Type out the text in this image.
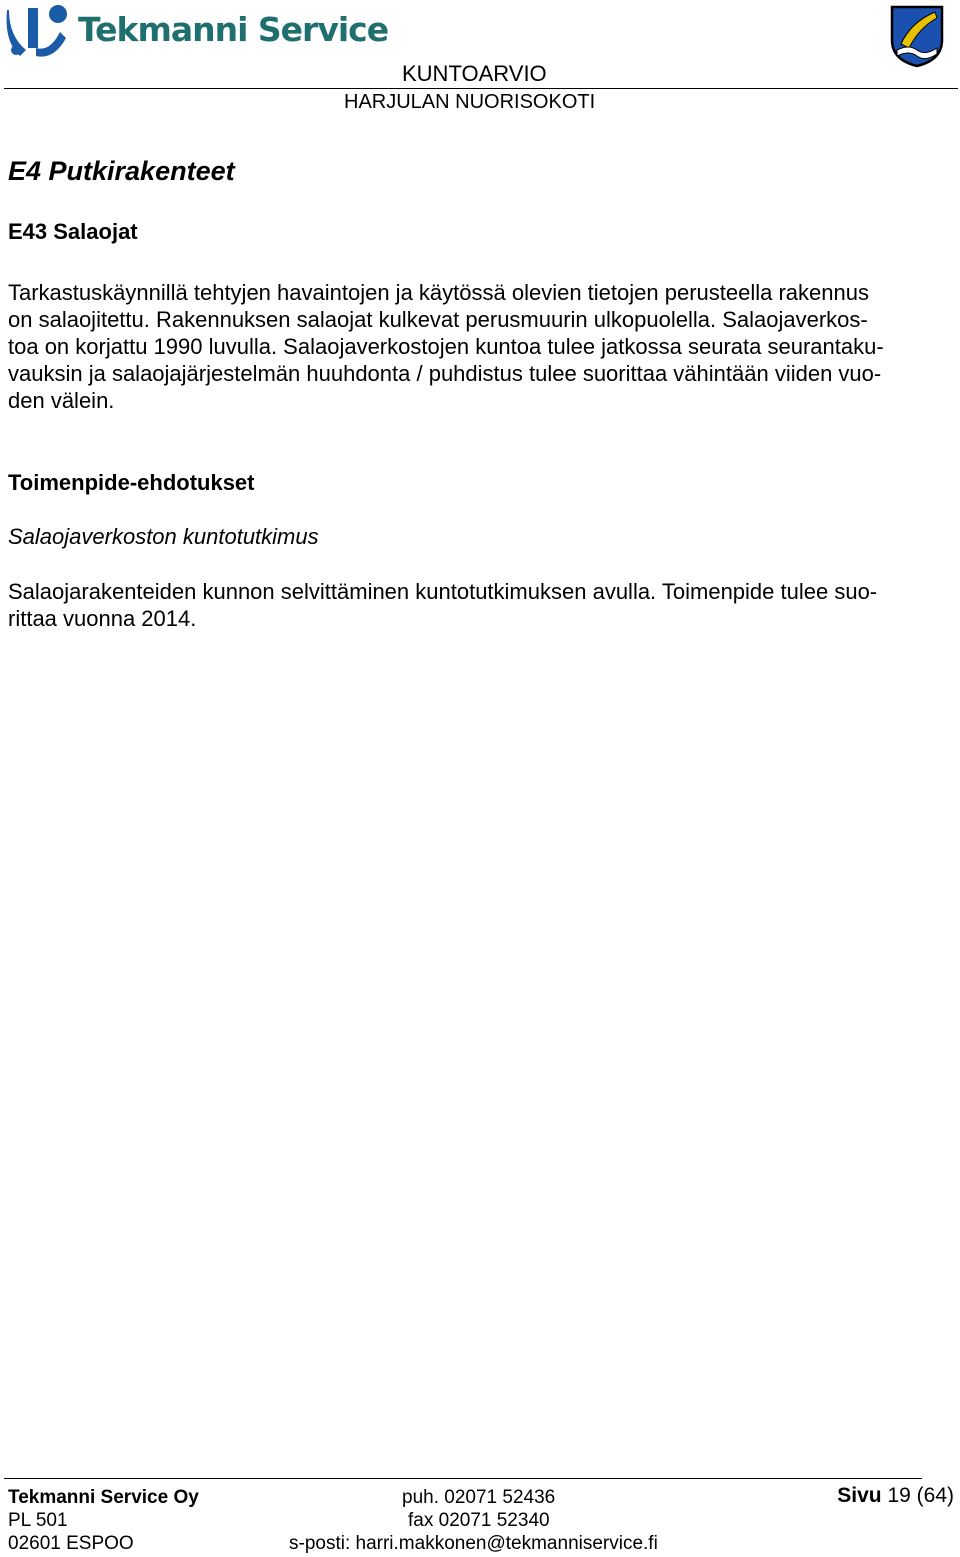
Tekmanni Service
KUNTOARVIO
HARJULAN NUORISOKOTI
E4 Putkirakenteet
E43 Salaojat
Tarkastuskäynnillä tehtyjen havaintojen ja käytössä olevien tietojen perusteella rakennus
on salaojitettu. Rakennuksen salaojat kulkevat perusmuurin ulkopuolella. Salaojaverkos-
toa on korjattu 1990 luvulla. Salaojaverkostojen kuntoa tulee jatkossa seurata seurantaku-
vauksin ja salaojajärjestelmän huuhdonta / puhdistus tulee suorittaa vähintään viiden vuo-
den välein.
Toimenpide-ehdotukset
Salaojaverkoston kuntotutkimus
Salaojarakenteiden kunnon selvittäminen kuntotutkimuksen avulla. Toimenpide tulee suo-
rittaa vuonna 2014.
Tekmanni Service Oy
PL 501
02601 ESPOO
puh. 02071 52436
fax 02071 52340
s-posti: harri.makkonen@tekmanniservice.fi
Sivu 19 (64)
